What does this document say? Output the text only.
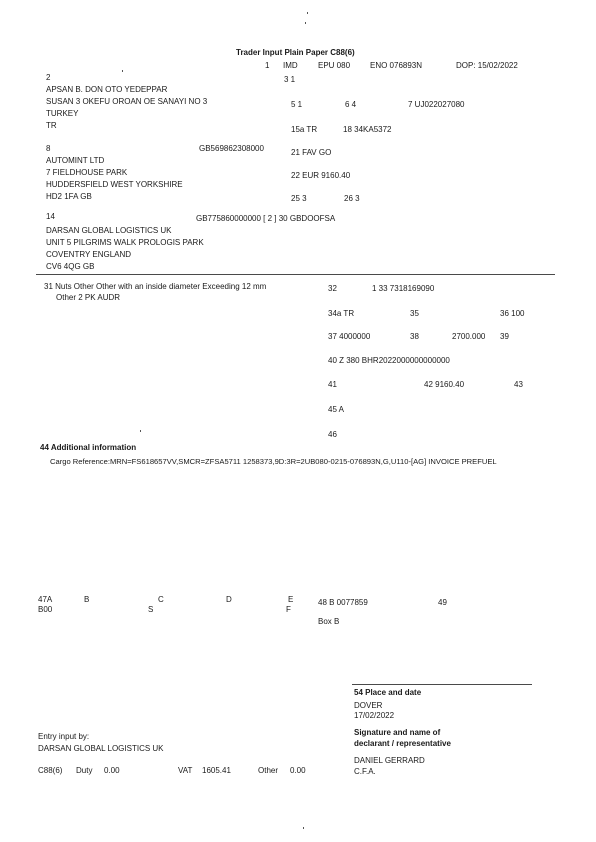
Trader Input Plain Paper C88(6)
1 IMD	EPU 080 ENO 076893N	DOP: 15/02/2022
2
APSAN B. DON OTO YEDEPPAR
SUSAN 3 OKEFU OROAN OE SANAYI NO 3
TURKEY
TR
3 1
5 1	6 4	7 UJ022027080
15a TR	18 34KA5372
8	GB569862308000
AUTOMINT LTD
7 FIELDHOUSE PARK
HUDDERSFIELD WEST YORKSHIRE
HD2 1FA GB
21 FAV GO
22 EUR 9160.40
25 3	26 3
14	GB775860000000 [ 2 ] 30 GBDOOFSA
DARSAN GLOBAL LOGISTICS UK
UNIT 5 PILGRIMS WALK PROLOGIS PARK
COVENTRY ENGLAND
CV6 4QG GB
31 Nuts Other Other with an inside diameter Exceeding 12 mm
Other 2 PK AUDR
32	1 33 7318169090
34a TR	35	36 100
37 4000000	38	2700.000 39
40 Z 380 BHR2022000000000000
41	42 9160.40	43
45 A
46
44 Additional information
Cargo Reference:MRN=FS618657VV,SMCR=ZFSA5711 1258373,9D:3R=2UB080-0215-076893N,G,U110-[AG] INVOICE PREFUEL
47A	B	C	D	E
B00	S	F
48 B 0077859	49
Box B
54 Place and date
DOVER
17/02/2022
Entry input by:
DARSAN GLOBAL LOGISTICS UK
Signature and name of
declarant / representative
DANIEL GERRARD
C.F.A.
C88(6) Duty 0.00	VAT 1605.41	Other 0.00
